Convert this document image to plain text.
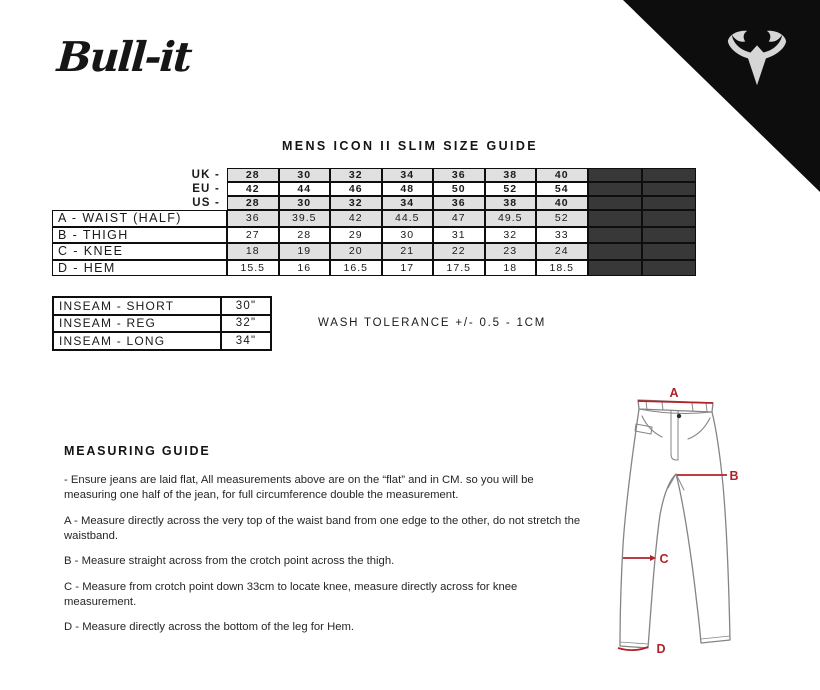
Bull-it
MENS ICON II SLIM SIZE GUIDE
UK -	28	30	32	34	36	38	40
EU -	42	44	46	48	50	52	54
US -	28	30	32	34	36	38	40
A - WAIST (HALF)	36	39.5	42	44.5	47	49.5	52
B - THIGH	27	28	29	30	31	32	33
C - KNEE	18	19	20	21	22	23	24
D - HEM	15.5	16	16.5	17	17.5	18	18.5
INSEAM - SHORT	30"
INSEAM - REG	32"
INSEAM - LONG	34"
WASH TOLERANCE +/- 0.5 - 1CM
MEASURING GUIDE

- Ensure jeans are laid flat, All measurements above are on the “flat” and in CM. so you will be measuring one half of the jean, for full circumference double the measurement.

A - Measure directly across the very top of the waist band from one edge to the other, do not stretch the waistband.

B - Measure straight across from the crotch point across the thigh.

C - Measure from crotch point down 33cm to locate knee, measure directly across for knee measurement.

D - Measure directly across the bottom of the leg for Hem.

A
B
C
D
